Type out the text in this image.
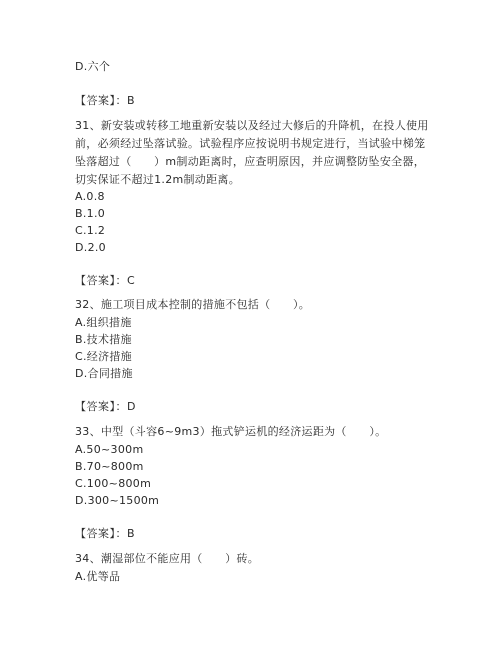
D.六个
【答案】：B
31、新安装或转移工地重新安装以及经过大修后的升降机，在投人使用前，必须经过坠落试验。试验程序应按说明书规定进行，当试验中梯笼坠落超过（　　）m制动距离时，应查明原因，并应调整防坠安全器，切实保证不超过1.2m制动距离。
A.0.8
B.1.0
C.1.2
D.2.0
【答案】：C
32、施工项目成本控制的措施不包括（　　）。
A.组织措施
B.技术措施
C.经济措施
D.合同措施
【答案】：D
33、中型（斗容6~9m3）拖式铲运机的经济运距为（　　）。
A.50~300m
B.70~800m
C.100~800m
D.300~1500m
【答案】：B
34、潮湿部位不能应用（　　）砖。
A.优等品
